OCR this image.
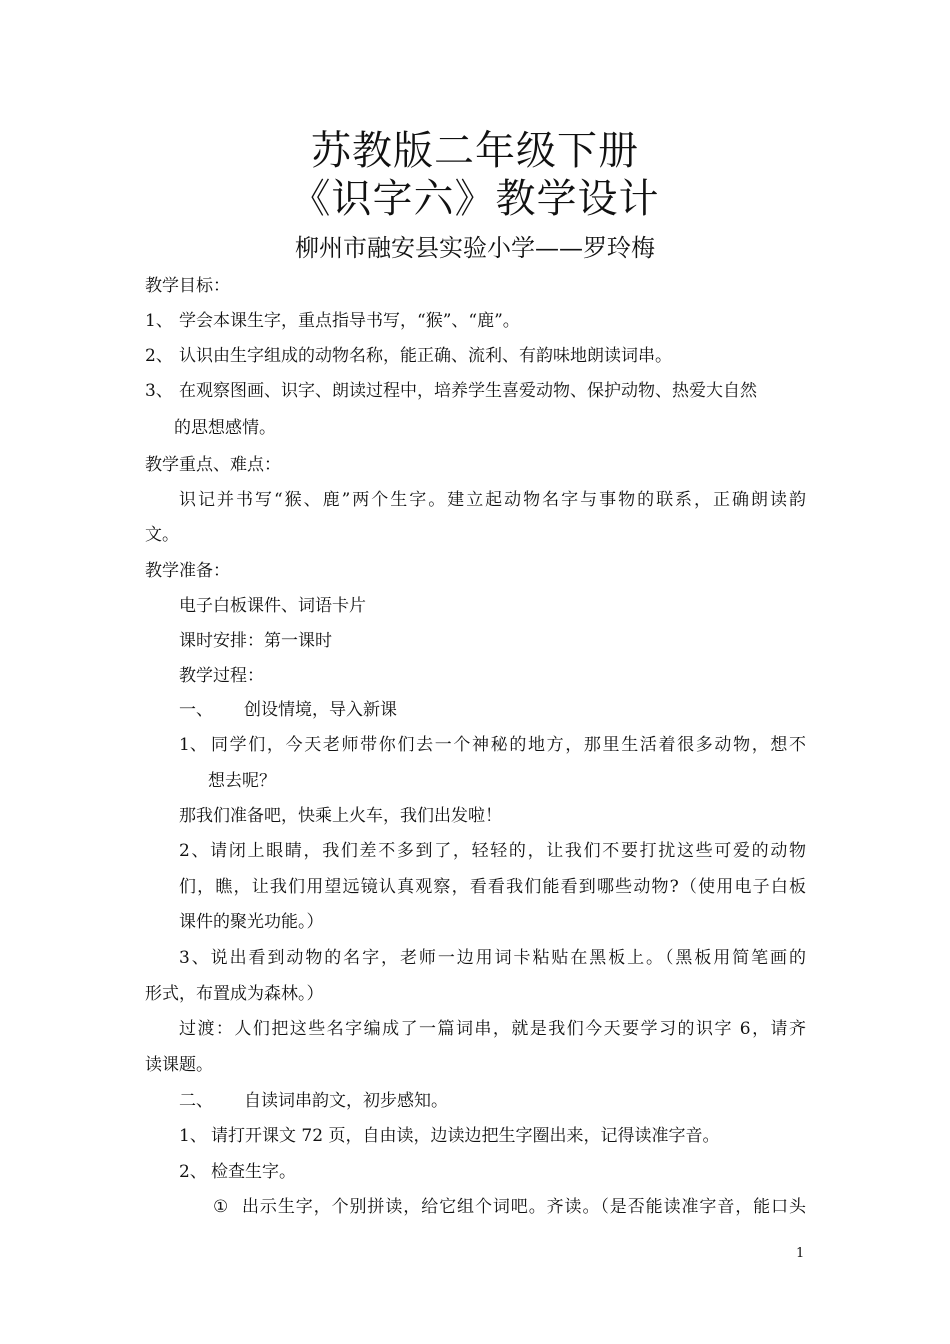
苏教版二年级下册
《识字六》教学设计
柳州市融安县实验小学——罗玲梅
教学目标：
1、 学会本课生字，重点指导书写，“猴”、“鹿”。
2、 认识由生字组成的动物名称，能正确、流利、有韵味地朗读词串。
3、 在观察图画、识字、朗读过程中，培养学生喜爱动物、保护动物、热爱大自然
的思想感情。
教学重点、难点：
识记并书写“猴、鹿”两个生字。建立起动物名字与事物的联系，正确朗读韵
文。
教学准备：
电子白板课件、词语卡片
课时安排：第一课时
教学过程：
一、 创设情境，导入新课
1、 同学们，今天老师带你们去一个神秘的地方，那里生活着很多动物，想不
想去呢？
那我们准备吧，快乘上火车，我们出发啦！
2、请闭上眼睛，我们差不多到了，轻轻的，让我们不要打扰这些可爱的动物
们，瞧，让我们用望远镜认真观察，看看我们能看到哪些动物?（使用电子白板
课件的聚光功能。）
3、说出看到动物的名字，老师一边用词卡粘贴在黑板上。（黑板用简笔画的
形式，布置成为森林。）
过渡：人们把这些名字编成了一篇词串，就是我们今天要学习的识字 6，请齐
读课题。
二、 自读词串韵文，初步感知。
1、 请打开课文 72 页，自由读，边读边把生字圈出来，记得读准字音。
2、 检查生字。
① 出示生字，个别拼读，给它组个词吧。齐读。（是否能读准字音，能口头
1
